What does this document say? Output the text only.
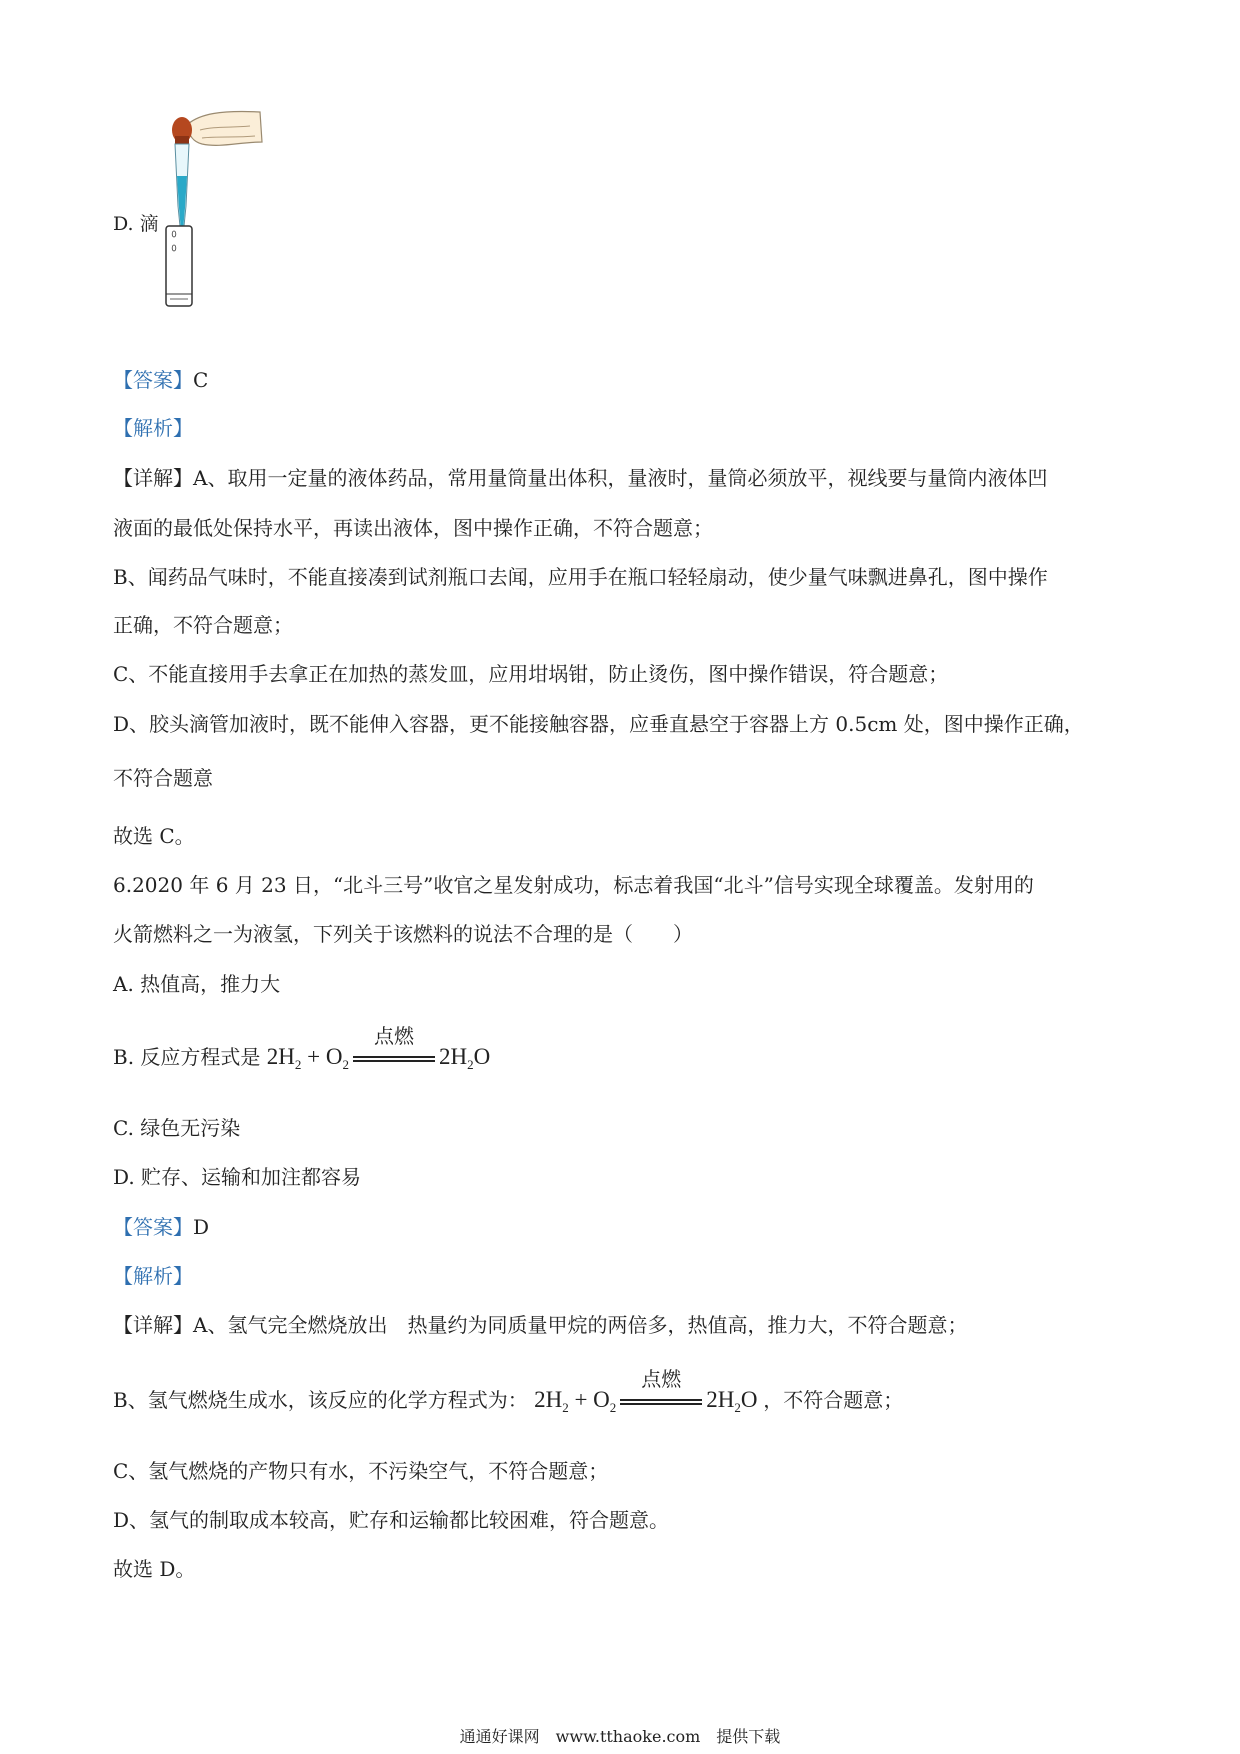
D. 滴
【答案】C
【解析】
【详解】A、取用一定量的液体药品，常用量筒量出体积，量液时，量筒必须放平，视线要与量筒内液体凹
液面的最低处保持水平，再读出液体，图中操作正确，不符合题意；
B、闻药品气味时，不能直接凑到试剂瓶口去闻，应用手在瓶口轻轻扇动，使少量气味飘进鼻孔，图中操作
正确，不符合题意；
C、不能直接用手去拿正在加热的蒸发皿，应用坩埚钳，防止烫伤，图中操作错误，符合题意；
D、胶头滴管加液时，既不能伸入容器，更不能接触容器，应垂直悬空于容器上方 0.5cm 处，图中操作正确，
不符合题意
故选 C。
6.2020 年 6 月 23 日，“北斗三号”收官之星发射成功，标志着我国“北斗”信号实现全球覆盖。发射用的
火箭燃料之一为液氢，下列关于该燃料的说法不合理的是（　　）
A. 热值高，推力大
B. 反应方程式是 $2H_2 + O_2$
点燃
$2H_2O$
C. 绿色无污染
D. 贮存、运输和加注都容易
【答案】D
【解析】
【详解】A、氢气完全燃烧放出　热量约为同质量甲烷的两倍多，热值高，推力大，不符合题意；
B、氢气燃烧生成水，该反应的化学方程式为： $2H_2 + O_2$
点燃
$2H_2O$ ，不符合题意；
C、氢气燃烧的产物只有水，不污染空气，不符合题意；
D、氢气的制取成本较高，贮存和运输都比较困难，符合题意。
故选 D。
通通好课网　www.tthaoke.com　提供下载
